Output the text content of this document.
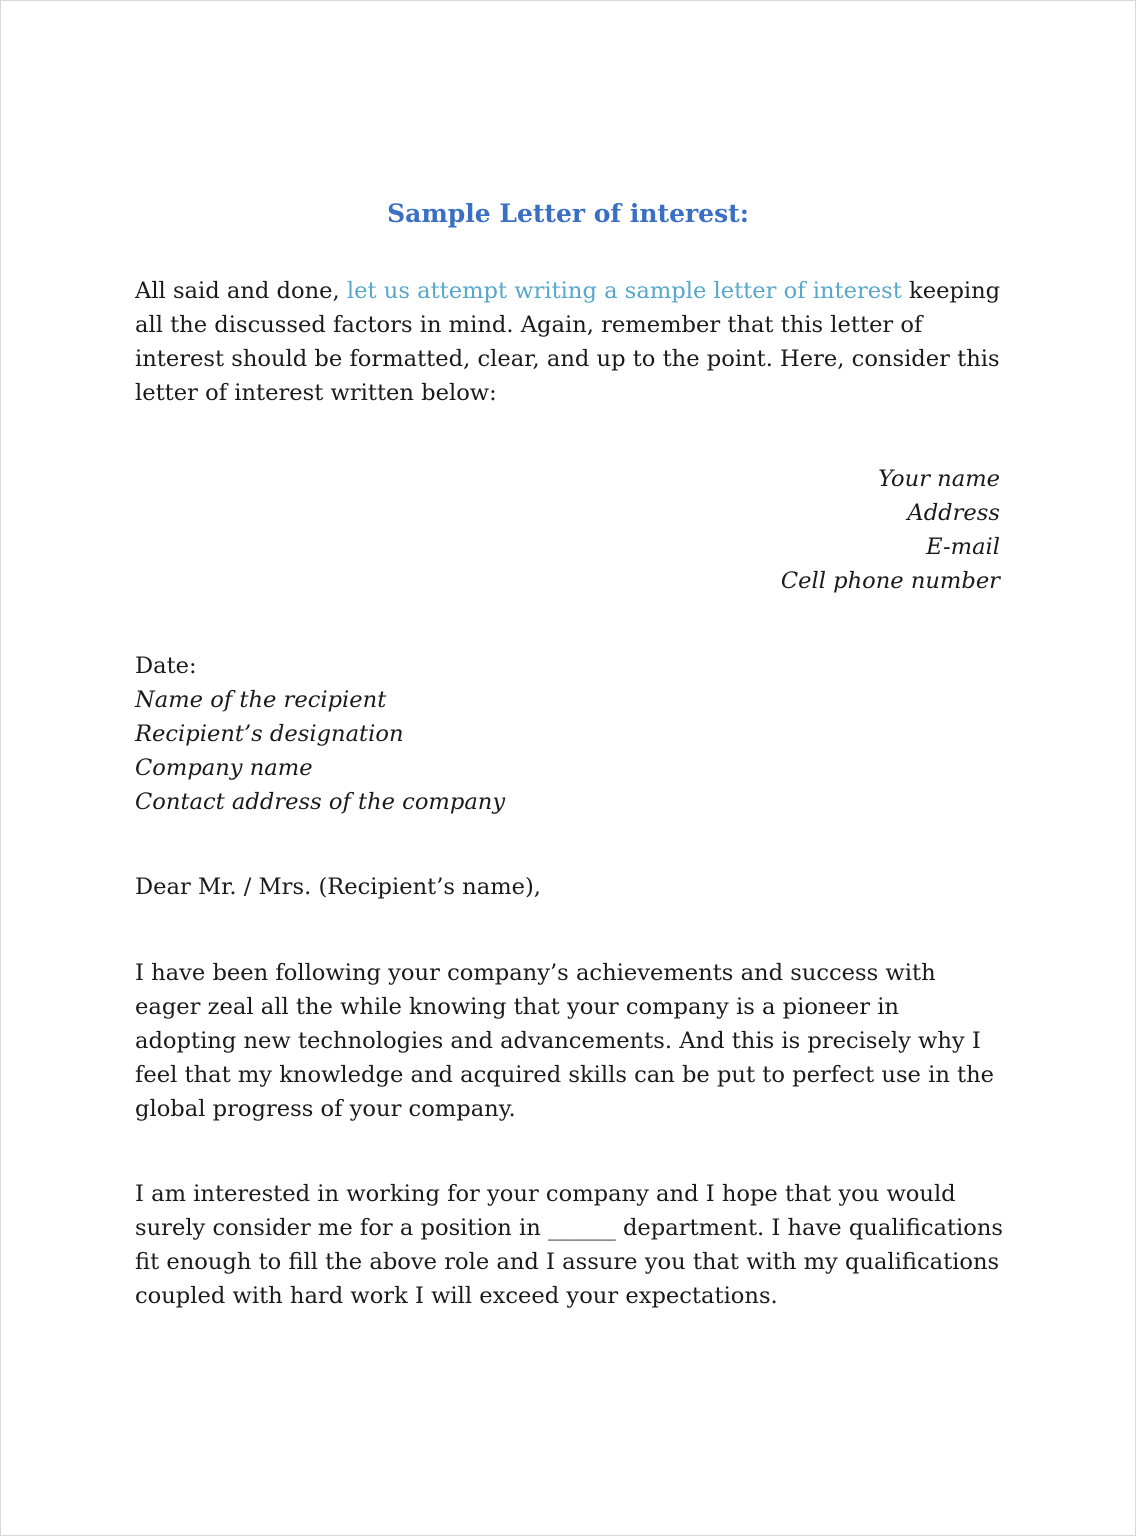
Sample Letter of interest:

All said and done, let us attempt writing a sample letter of interest keeping all the discussed factors in mind. Again, remember that this letter of interest should be formatted, clear, and up to the point. Here, consider this letter of interest written below:

Your name
Address
E-mail
Cell phone number
Date:
Name of the recipient
Recipient’s designation
Company name
Contact address of the company

Dear Mr. / Mrs. (Recipient’s name),

I have been following your company’s achievements and success with eager zeal all the while knowing that your company is a pioneer in adopting new technologies and advancements. And this is precisely why I feel that my knowledge and acquired skills can be put to perfect use in the global progress of your company.

I am interested in working for your company and I hope that you would surely consider me for a position in ______ department. I have qualifications fit enough to fill the above role and I assure you that with my qualifications coupled with hard work I will exceed your expectations.
